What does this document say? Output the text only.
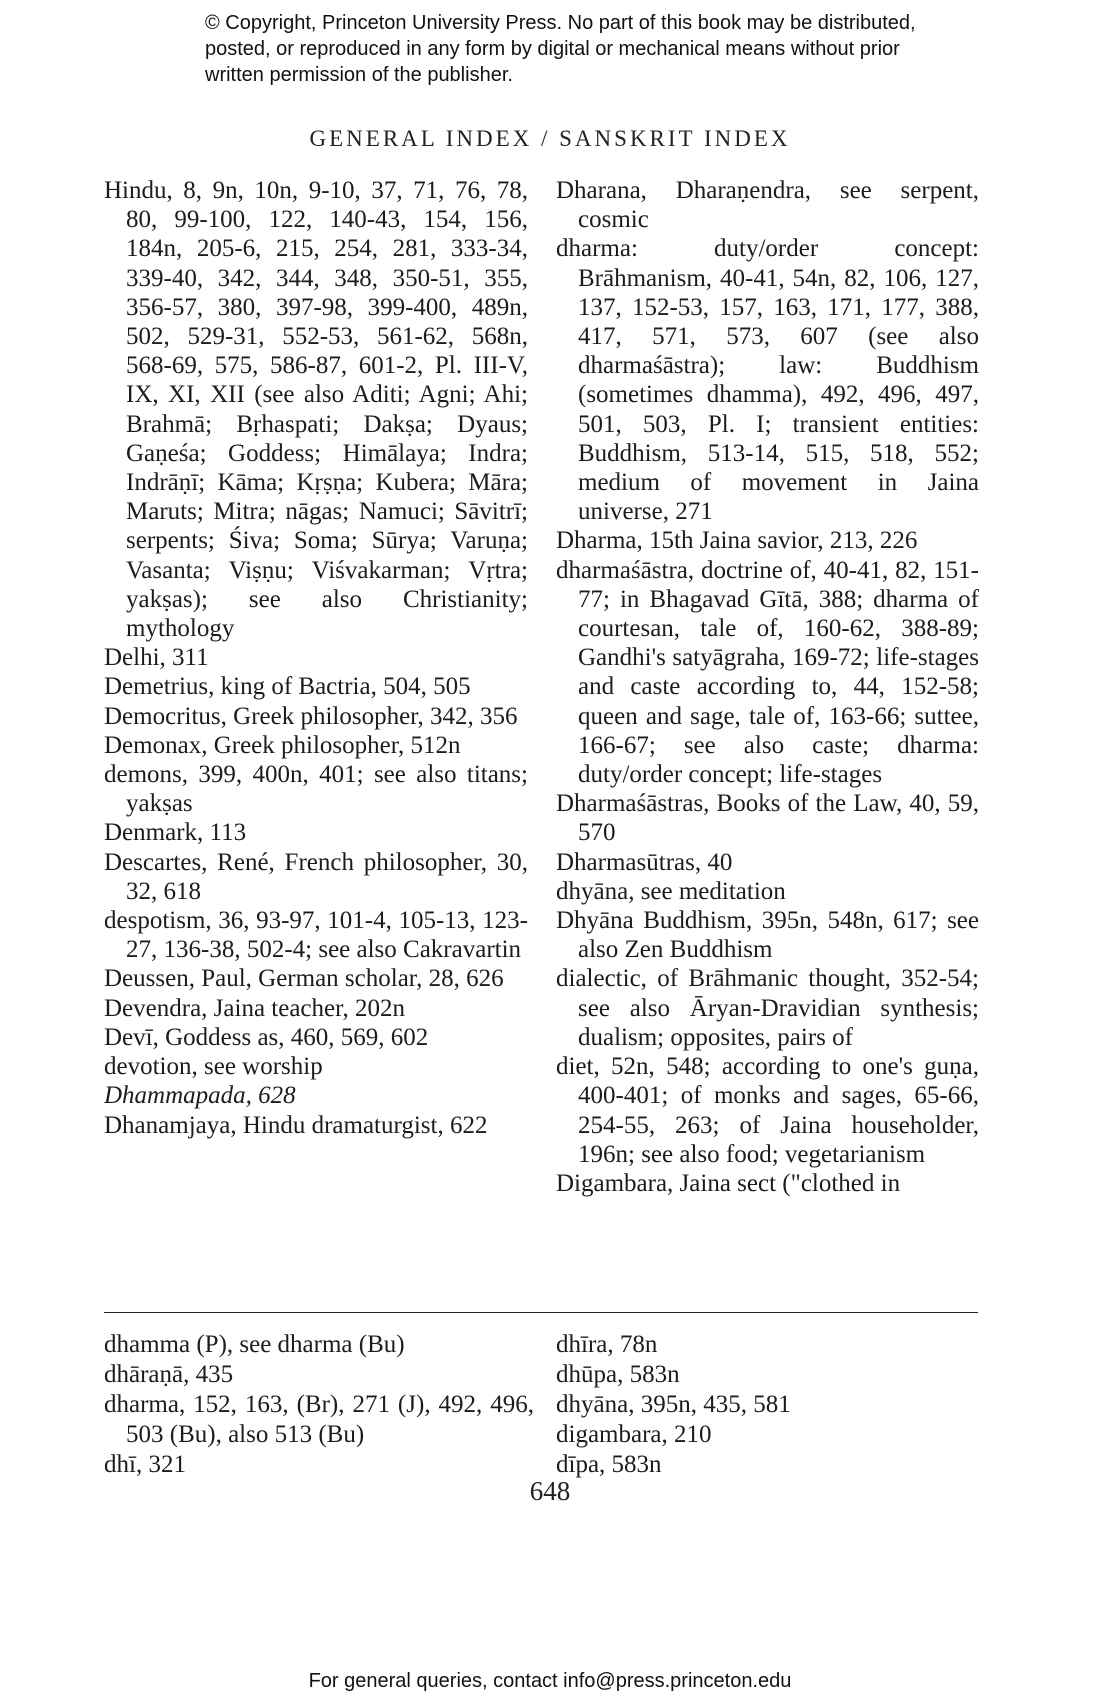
© Copyright, Princeton University Press. No part of this book may be distributed, posted, or reproduced in any form by digital or mechanical means without prior written permission of the publisher.
GENERAL INDEX / SANSKRIT INDEX
Hindu, 8, 9n, 10n, 9-10, 37, 71, 76, 78, 80, 99-100, 122, 140-43, 154, 156, 184n, 205-6, 215, 254, 281, 333-34, 339-40, 342, 344, 348, 350-51, 355, 356-57, 380, 397-98, 399-400, 489n, 502, 529-31, 552-53, 561-62, 568n, 568-69, 575, 586-87, 601-2, Pl. III-V, IX, XI, XII (see also Aditi; Agni; Ahi; Brahmā; Bṛhaspati; Dakṣa; Dyaus; Gaṇeśa; Goddess; Himālaya; Indra; Indrāṇī; Kāma; Kṛṣṇa; Kubera; Māra; Maruts; Mitra; nāgas; Namuci; Sāvitrī; serpents; Śiva; Soma; Sūrya; Varuṇa; Vasanta; Viṣṇu; Viśvakarman; Vṛtra; yakṣas); see also Christianity; mythology
Delhi, 311
Demetrius, king of Bactria, 504, 505
Democritus, Greek philosopher, 342, 356
Demonax, Greek philosopher, 512n
demons, 399, 400n, 401; see also titans; yakṣas
Denmark, 113
Descartes, René, French philosopher, 30, 32, 618
despotism, 36, 93-97, 101-4, 105-13, 123-27, 136-38, 502-4; see also Cakravartin
Deussen, Paul, German scholar, 28, 626
Devendra, Jaina teacher, 202n
Devī, Goddess as, 460, 569, 602
devotion, see worship
Dhammapada, 628
Dhanamjaya, Hindu dramaturgist, 622
Dharana, Dharaṇendra, see serpent, cosmic
dharma: duty/order concept: Brāhmanism, 40-41, 54n, 82, 106, 127, 137, 152-53, 157, 163, 171, 177, 388, 417, 571, 573, 607 (see also dharmaśāstra); law: Buddhism (sometimes dhamma), 492, 496, 497, 501, 503, Pl. I; transient entities: Buddhism, 513-14, 515, 518, 552; medium of movement in Jaina universe, 271
Dharma, 15th Jaina savior, 213, 226
dharmaśāstra, doctrine of, 40-41, 82, 151-77; in Bhagavad Gītā, 388; dharma of courtesan, tale of, 160-62, 388-89; Gandhi's satyāgraha, 169-72; life-stages and caste according to, 44, 152-58; queen and sage, tale of, 163-66; suttee, 166-67; see also caste; dharma: duty/order concept; life-stages
Dharmaśāstras, Books of the Law, 40, 59, 570
Dharmasūtras, 40
dhyāna, see meditation
Dhyāna Buddhism, 395n, 548n, 617; see also Zen Buddhism
dialectic, of Brāhmanic thought, 352-54; see also Āryan-Dravidian synthesis; dualism; opposites, pairs of
diet, 52n, 548; according to one's guṇa, 400-401; of monks and sages, 65-66, 254-55, 263; of Jaina householder, 196n; see also food; vegetarianism
Digambara, Jaina sect ("clothed in
dhamma (P), see dharma (Bu)
dhāraṇā, 435
dharma, 152, 163, (Br), 271 (J), 492, 496, 503 (Bu), also 513 (Bu)
dhī, 321
dhīra, 78n
dhūpa, 583n
dhyāna, 395n, 435, 581
digambara, 210
dīpa, 583n
648
For general queries, contact info@press.princeton.edu
